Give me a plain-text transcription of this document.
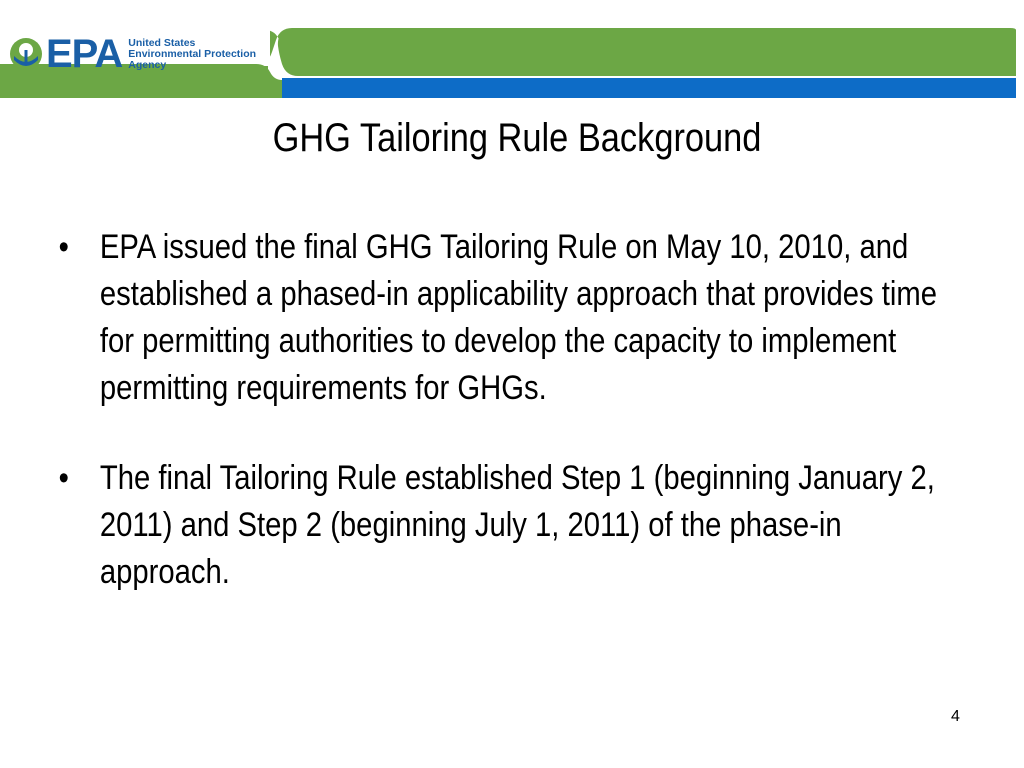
EPA United States
Environmental Protection
Agency
GHG Tailoring Rule Background
• EPA issued the final GHG Tailoring Rule on May 10, 2010, and established a phased-in applicability approach that provides time for permitting authorities to develop the capacity to implement permitting requirements for GHGs.
• The final Tailoring Rule established Step 1 (beginning January 2, 2011) and Step 2 (beginning July 1, 2011) of the phase-in approach.
4
